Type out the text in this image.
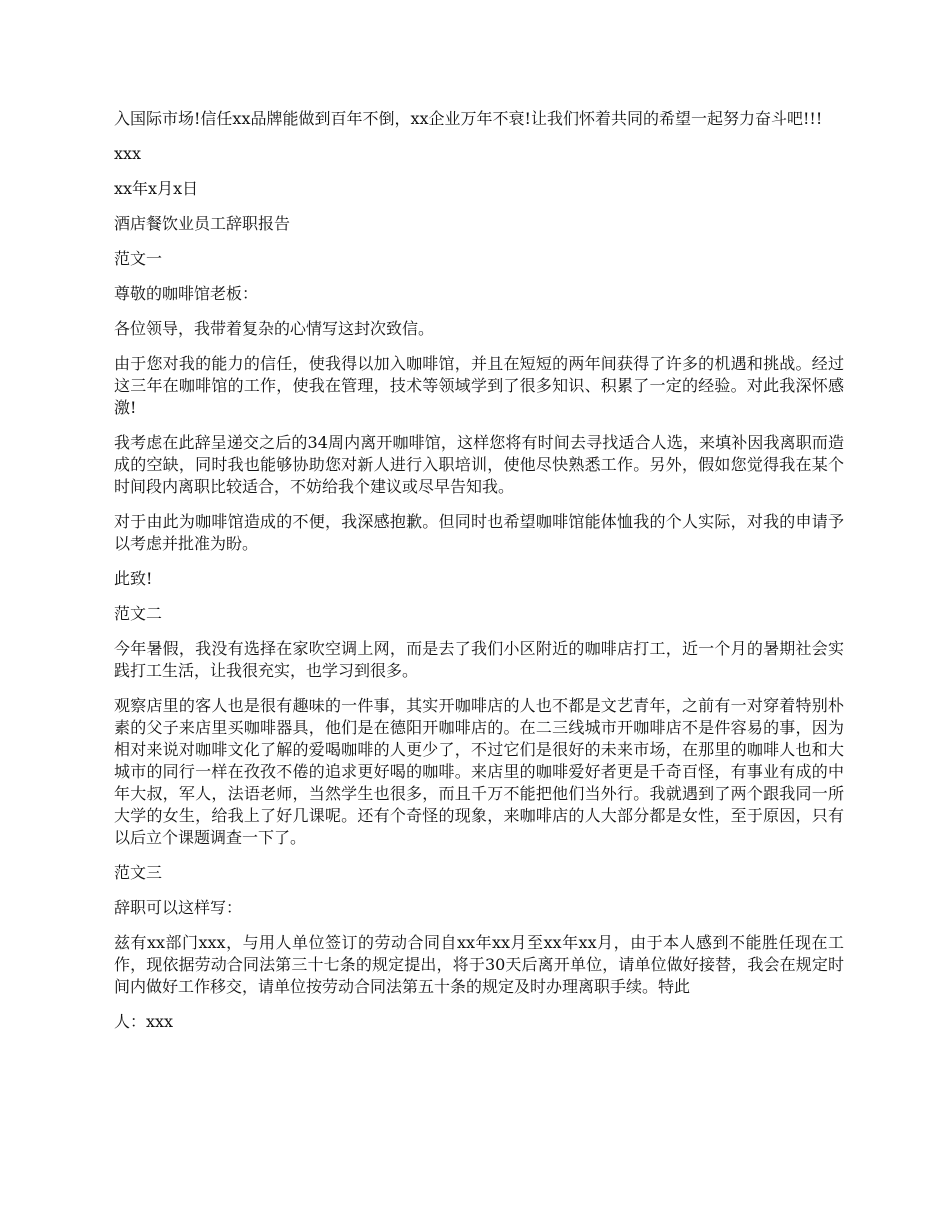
入国际市场!信任xx品牌能做到百年不倒，xx企业万年不衰!让我们怀着共同的希望一起努力奋斗吧!!!

xxx

xx年x月x日

酒店餐饮业员工辞职报告

范文一

尊敬的咖啡馆老板：

各位领导，我带着复杂的心情写这封次致信。

由于您对我的能力的信任，使我得以加入咖啡馆，并且在短短的两年间获得了许多的机遇和挑战。经过这三年在咖啡馆的工作，使我在管理，技术等领域学到了很多知识、积累了一定的经验。对此我深怀感激!

我考虑在此辞呈递交之后的34周内离开咖啡馆，这样您将有时间去寻找适合人选，来填补因我离职而造成的空缺，同时我也能够协助您对新人进行入职培训，使他尽快熟悉工作。另外，假如您觉得我在某个时间段内离职比较适合，不妨给我个建议或尽早告知我。

对于由此为咖啡馆造成的不便，我深感抱歉。但同时也希望咖啡馆能体恤我的个人实际，对我的申请予以考虑并批准为盼。

此致!

范文二

今年暑假，我没有选择在家吹空调上网，而是去了我们小区附近的咖啡店打工，近一个月的暑期社会实践打工生活，让我很充实，也学习到很多。

观察店里的客人也是很有趣味的一件事，其实开咖啡店的人也不都是文艺青年，之前有一对穿着特别朴素的父子来店里买咖啡器具，他们是在德阳开咖啡店的。在二三线城市开咖啡店不是件容易的事，因为相对来说对咖啡文化了解的爱喝咖啡的人更少了，不过它们是很好的未来市场，在那里的咖啡人也和大城市的同行一样在孜孜不倦的追求更好喝的咖啡。来店里的咖啡爱好者更是千奇百怪，有事业有成的中年大叔，军人，法语老师，当然学生也很多，而且千万不能把他们当外行。我就遇到了两个跟我同一所大学的女生，给我上了好几课呢。还有个奇怪的现象，来咖啡店的人大部分都是女性，至于原因，只有以后立个课题调查一下了。

范文三

辞职可以这样写：

兹有xx部门xxx，与用人单位签订的劳动合同自xx年xx月至xx年xx月，由于本人感到不能胜任现在工作，现依据劳动合同法第三十七条的规定提出，将于30天后离开单位，请单位做好接替，我会在规定时间内做好工作移交，请单位按劳动合同法第五十条的规定及时办理离职手续。特此

人：xxx
